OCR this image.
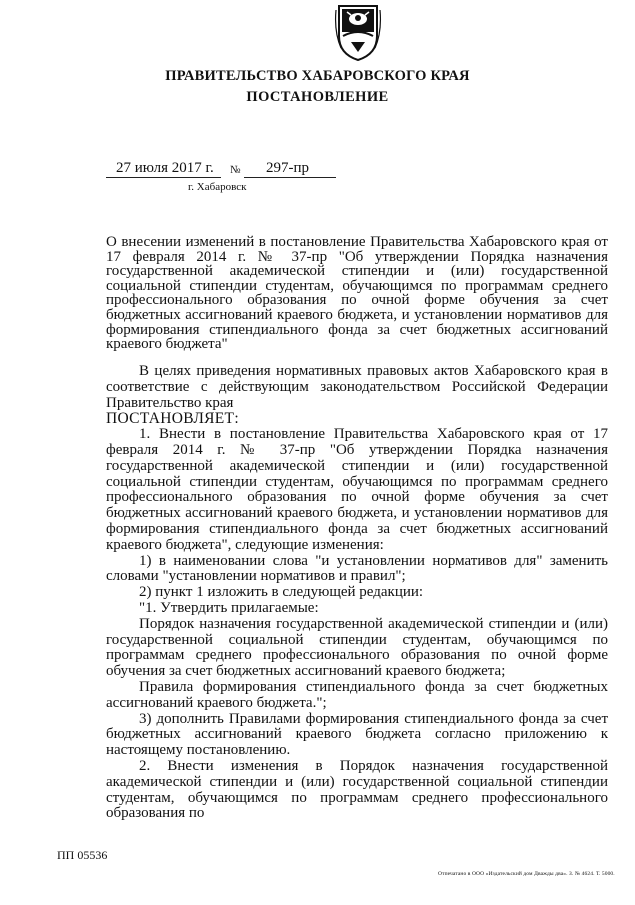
ПРАВИТЕЛЬСТВО ХАБАРОВСКОГО КРАЯ
ПОСТАНОВЛЕНИЕ
27 июля 2017 г. № 297-пр
г. Хабаровск
О внесении изменений в постановление Правительства Хабаровского края от 17 февраля 2014 г. № 37-пр "Об утверждении Порядка назначения государственной академической стипендии и (или) государственной социальной стипендии студентам, обучающимся по программам среднего профессионального образования по очной форме обучения за счет бюджетных ассигнований краевого бюджета, и установлении нормативов для формирования стипендиального фонда за счет бюджетных ассигнований краевого бюджета"

В целях приведения нормативных правовых актов Хабаровского края в соответствие с действующим законодательством Российской Федерации Правительство края

ПОСТАНОВЛЯЕТ:

1. Внести в постановление Правительства Хабаровского края от 17 февраля 2014 г. № 37-пр "Об утверждении Порядка назначения государственной академической стипендии и (или) государственной социальной стипендии студентам, обучающимся по программам среднего профессионального образования по очной форме обучения за счет бюджетных ассигнований краевого бюджета, и установлении нормативов для формирования стипендиального фонда за счет бюджетных ассигнований краевого бюджета", следующие изменения:

1) в наименовании слова "и установлении нормативов для" заменить словами "установлении нормативов и правил";

2) пункт 1 изложить в следующей редакции:

"1. Утвердить прилагаемые:

Порядок назначения государственной академической стипендии и (или) государственной социальной стипендии студентам, обучающимся по программам среднего профессионального образования по очной форме обучения за счет бюджетных ассигнований краевого бюджета;

Правила формирования стипендиального фонда за счет бюджетных ассигнований краевого бюджета.";

3) дополнить Правилами формирования стипендиального фонда за счет бюджетных ассигнований краевого бюджета согласно приложению к настоящему постановлению.

2. Внести изменения в Порядок назначения государственной академической стипендии и (или) государственной социальной стипендии студентам, обучающимся по программам среднего профессионального образования по

ПП 05536
Отпечатано в ООО «Издательский дом Дважды два». З. № 4624. Т. 5000.
